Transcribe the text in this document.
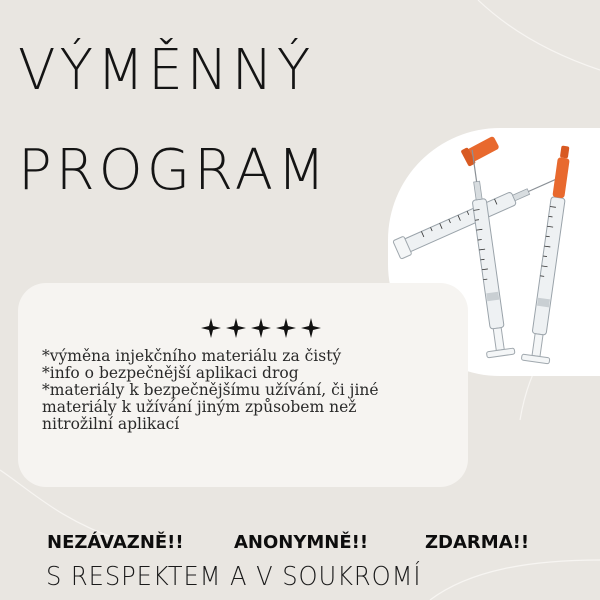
VÝMĚNNÝ
PROGRAM

*výměna injekčního materiálu za čistý

*info o bezpečnější aplikaci drog

*materiály k bezpečnějšímu užívání, či jiné materiály k užívání jiným způsobem než nitrožilní aplikací

NEZÁVAZNĚ!!	ANONYMNĚ!!	ZDARMA!!
S RESPEKTEM A V SOUKROMÍ
